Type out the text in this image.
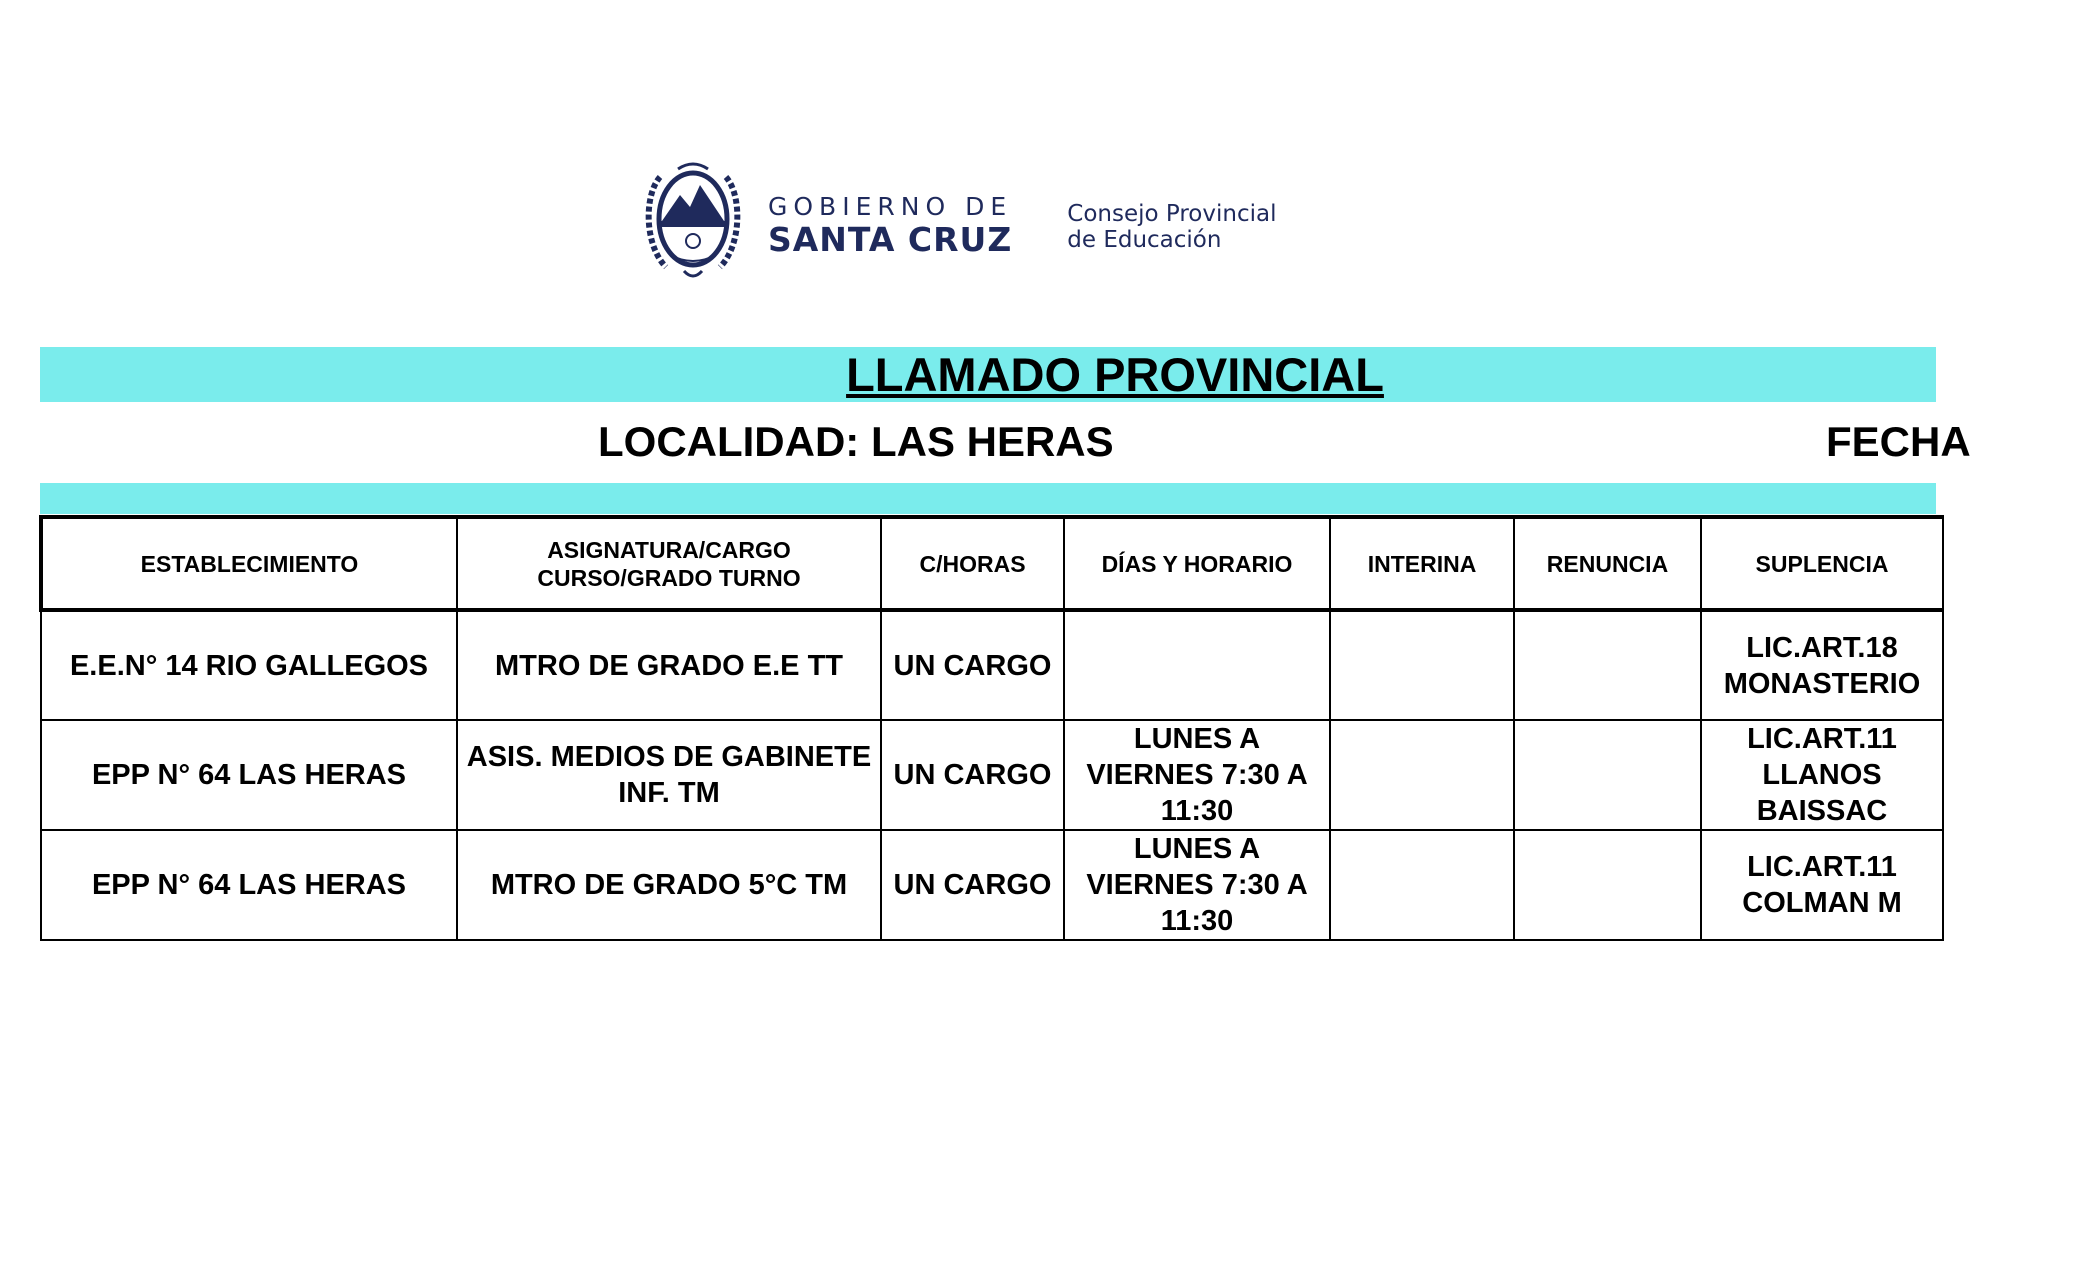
GOBIERNO DE
SANTA CRUZ
Consejo Provincial
de Educación
LLAMADO PROVINCIAL
LOCALIDAD: LAS HERAS	FECHA
ESTABLECIMIENTO	ASIGNATURA/CARGO CURSO/GRADO TURNO	C/HORAS	DÍAS Y HORARIO	INTERINA	RENUNCIA	SUPLENCIA
E.E.N° 14 RIO GALLEGOS	MTRO DE GRADO E.E TT	UN CARGO				LIC.ART.18 MONASTERIO
EPP N° 64 LAS HERAS	ASIS. MEDIOS DE GABINETE INF. TM	UN CARGO	LUNES A VIERNES 7:30 A 11:30			LIC.ART.11 LLANOS BAISSAC
EPP N° 64 LAS HERAS	MTRO DE GRADO 5°C TM	UN CARGO	LUNES A VIERNES 7:30 A 11:30			LIC.ART.11 COLMAN M
